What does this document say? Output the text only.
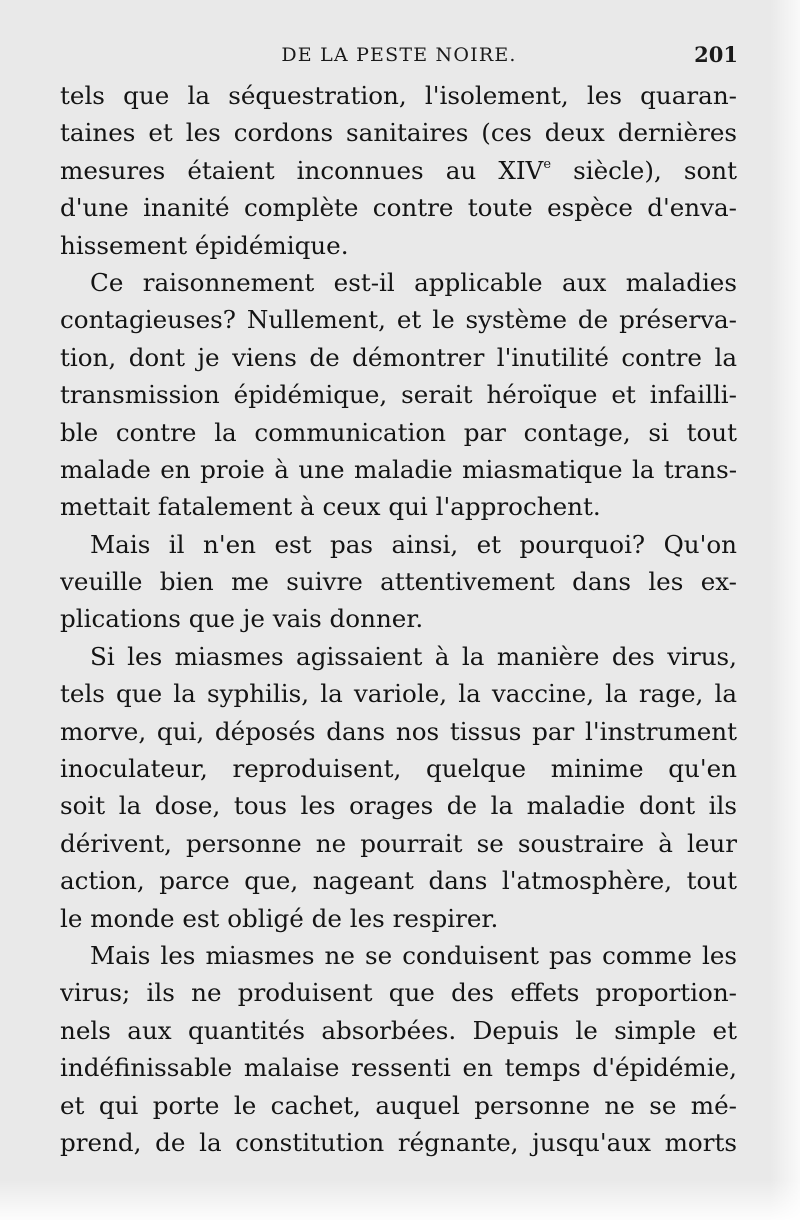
DE LA PESTE NOIRE.	201
tels que la séquestration, l'isolement, les quaran-
taines et les cordons sanitaires (ces deux dernières
mesures étaient inconnues au XIVe siècle), sont
d'une inanité complète contre toute espèce d'enva-
hissement épidémique.
Ce raisonnement est-il applicable aux maladies
contagieuses? Nullement, et le système de préserva-
tion, dont je viens de démontrer l'inutilité contre la
transmission épidémique, serait héroïque et infailli-
ble contre la communication par contage, si tout
malade en proie à une maladie miasmatique la trans-
mettait fatalement à ceux qui l'approchent.
Mais il n'en est pas ainsi, et pourquoi? Qu'on
veuille bien me suivre attentivement dans les ex-
plications que je vais donner.
Si les miasmes agissaient à la manière des virus,
tels que la syphilis, la variole, la vaccine, la rage, la
morve, qui, déposés dans nos tissus par l'instrument
inoculateur, reproduisent, quelque minime qu'en
soit la dose, tous les orages de la maladie dont ils
dérivent, personne ne pourrait se soustraire à leur
action, parce que, nageant dans l'atmosphère, tout
le monde est obligé de les respirer.
Mais les miasmes ne se conduisent pas comme les
virus; ils ne produisent que des effets proportion-
nels aux quantités absorbées. Depuis le simple et
indéfinissable malaise ressenti en temps d'épidémie,
et qui porte le cachet, auquel personne ne se mé-
prend, de la constitution régnante, jusqu'aux morts
